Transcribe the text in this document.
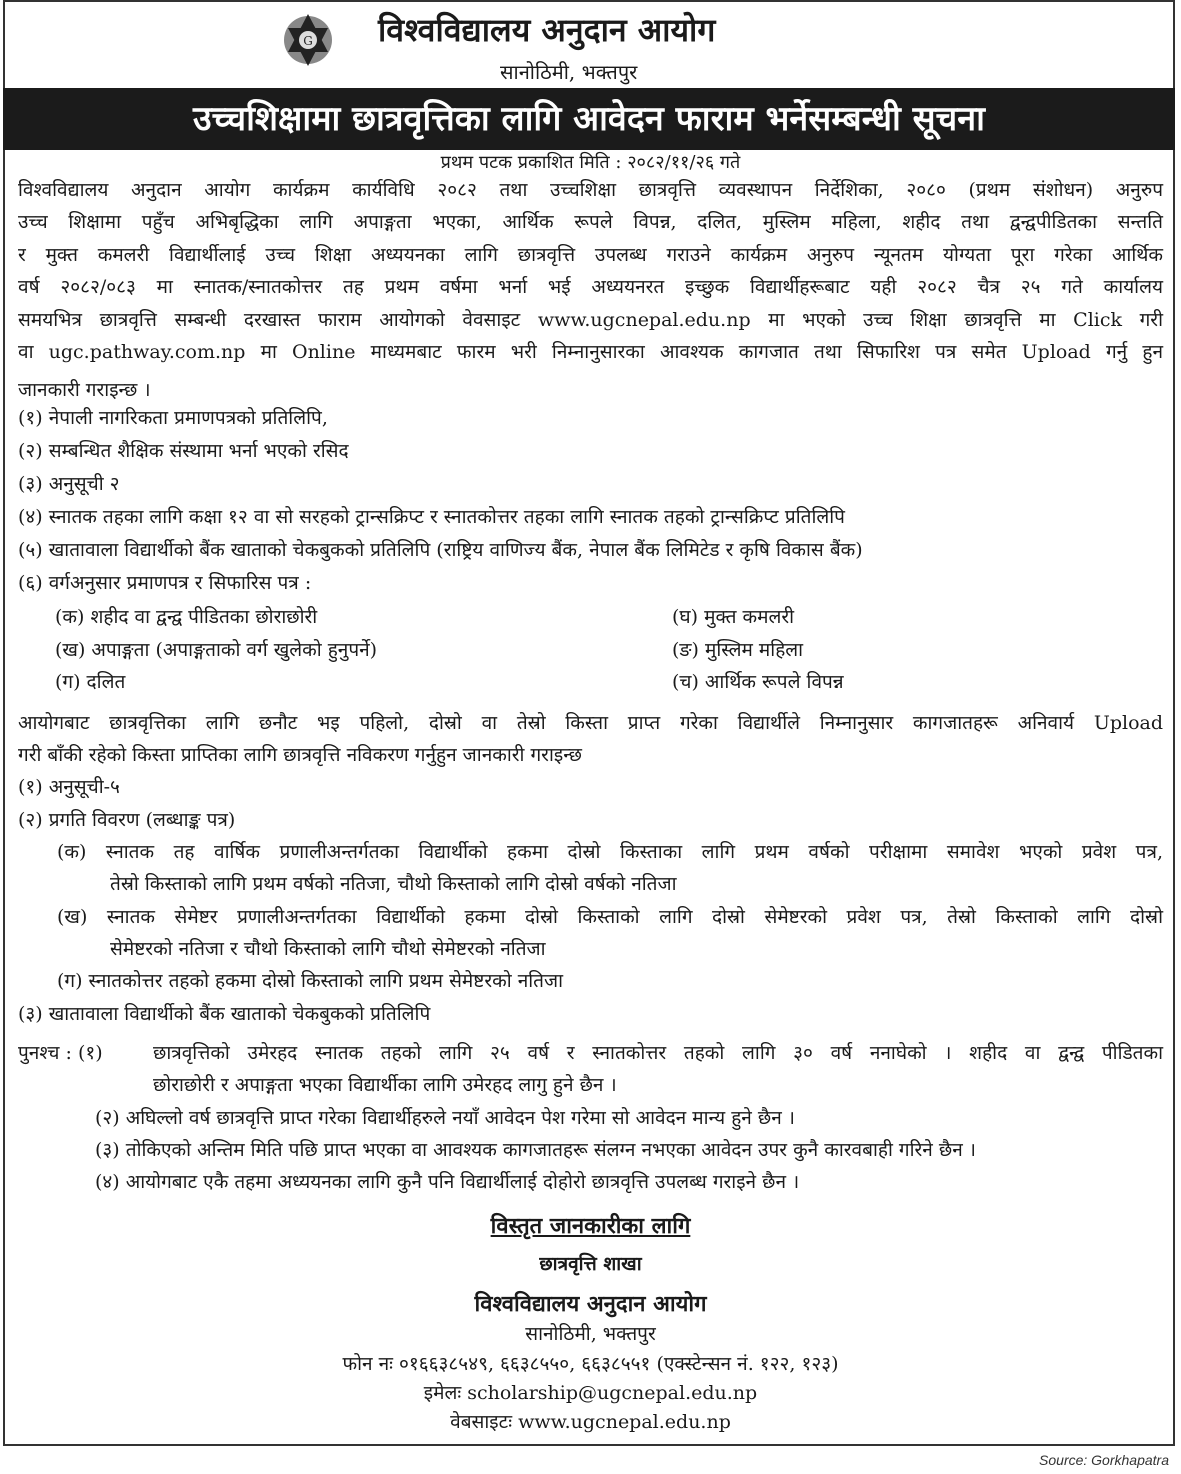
G विश्वविद्यालय अनुदान आयोग
सानोठिमी, भक्तपुर
उच्चशिक्षामा छात्रवृत्तिका लागि आवेदन फाराम भर्नेसम्बन्धी सूचना
प्रथम पटक प्रकाशित मिति : २०८२/११/२६ गते
विश्वविद्यालय अनुदान आयोग कार्यक्रम कार्यविधि २०८२ तथा उच्चशिक्षा छात्रवृत्ति व्यवस्थापन निर्देशिका, २०८० (प्रथम संशोधन) अनुरुप
उच्च शिक्षामा पहुँच अभिबृद्धिका लागि अपाङ्गता भएका, आर्थिक रूपले विपन्न, दलित, मुस्लिम महिला, शहीद तथा द्वन्द्वपीडितका सन्तति
र मुक्त कमलरी विद्यार्थीलाई उच्च शिक्षा अध्ययनका लागि छात्रवृत्ति उपलब्ध गराउने कार्यक्रम अनुरुप न्यूनतम योग्यता पूरा गरेका आर्थिक
वर्ष २०८२/०८३ मा स्नातक/स्नातकोत्तर तह प्रथम वर्षमा भर्ना भई अध्ययनरत इच्छुक विद्यार्थीहरूबाट यही २०८२ चैत्र २५ गते कार्यालय
समयभित्र छात्रवृत्ति सम्बन्धी दरखास्त फाराम आयोगको वेवसाइट www.ugcnepal.edu.np मा भएको उच्च शिक्षा छात्रवृत्ति मा Click गरी
वा ugc.pathway.com.np मा Online माध्यमबाट फारम भरी निम्नानुसारका आवश्यक कागजात तथा सिफारिश पत्र समेत Upload गर्नु हुन
जानकारी गराइन्छ ।
(१) नेपाली नागरिकता प्रमाणपत्रको प्रतिलिपि,
(२) सम्बन्धित शैक्षिक संस्थामा भर्ना भएको रसिद
(३) अनुसूची २
(४) स्नातक तहका लागि कक्षा १२ वा सो सरहको ट्रान्सक्रिप्ट र स्नातकोत्तर तहका लागि स्नातक तहको ट्रान्सक्रिप्ट प्रतिलिपि
(५) खातावाला विद्यार्थीको बैंक खाताको चेकबुकको प्रतिलिपि (राष्ट्रिय वाणिज्य बैंक, नेपाल बैंक लिमिटेड र कृषि विकास बैंक)
(६) वर्गअनुसार प्रमाणपत्र र सिफारिस पत्र :
(क) शहीद वा द्वन्द्व पीडितका छोराछोरी
(ख) अपाङ्गता (अपाङ्गताको वर्ग खुलेको हुनुपर्ने)
(ग) दलित
(घ) मुक्त कमलरी
(ङ) मुस्लिम महिला
(च) आर्थिक रूपले विपन्न
आयोगबाट छात्रवृत्तिका लागि छनौट भइ पहिलो, दोस्रो वा तेस्रो किस्ता प्राप्त गरेका विद्यार्थीले निम्नानुसार कागजातहरू अनिवार्य Upload
गरी बाँकी रहेको किस्ता प्राप्तिका लागि छात्रवृत्ति नविकरण गर्नुहुन जानकारी गराइन्छ
(१) अनुसूची-५
(२) प्रगति विवरण (लब्धाङ्क पत्र)
(क) स्नातक तह वार्षिक प्रणालीअन्तर्गतका विद्यार्थीको हकमा दोस्रो किस्ताका लागि प्रथम वर्षको परीक्षामा समावेश भएको प्रवेश पत्र,
तेस्रो किस्ताको लागि प्रथम वर्षको नतिजा, चौथो किस्ताको लागि दोस्रो वर्षको नतिजा
(ख) स्नातक सेमेष्टर प्रणालीअन्तर्गतका विद्यार्थीको हकमा दोस्रो किस्ताको लागि दोस्रो सेमेष्टरको प्रवेश पत्र, तेस्रो किस्ताको लागि दोस्रो
सेमेष्टरको नतिजा र चौथो किस्ताको लागि चौथो सेमेष्टरको नतिजा
(ग) स्नातकोत्तर तहको हकमा दोस्रो किस्ताको लागि प्रथम सेमेष्टरको नतिजा
(३) खातावाला विद्यार्थीको बैंक खाताको चेकबुकको प्रतिलिपि
पुनश्च : (१)	छात्रवृत्तिको उमेरहद स्नातक तहको लागि २५ वर्ष र स्नातकोत्तर तहको लागि ३० वर्ष ननाघेको । शहीद वा द्वन्द्व पीडितका
छोराछोरी र अपाङ्गता भएका विद्यार्थीका लागि उमेरहद लागु हुने छैन ।
(२) अघिल्लो वर्ष छात्रवृत्ति प्राप्त गरेका विद्यार्थीहरुले नयाँ आवेदन पेश गरेमा सो आवेदन मान्य हुने छैन ।
(३) तोकिएको अन्तिम मिति पछि प्राप्त भएका वा आवश्यक कागजातहरू संलग्न नभएका आवेदन उपर कुनै कारवबाही गरिने छैन ।
(४) आयोगबाट एकै तहमा अध्ययनका लागि कुनै पनि विद्यार्थीलाई दोहोरो छात्रवृत्ति उपलब्ध गराइने छैन ।
विस्तृत जानकारीका लागि
छात्रवृत्ति शाखा
विश्वविद्यालय अनुदान आयोग
सानोठिमी, भक्तपुर
फोन नः ०१६६३८५४९, ६६३८५५०, ६६३८५५१ (एक्स्टेन्सन नं. १२२, १२३)
इमेलः scholarship@ugcnepal.edu.np
वेबसाइटः www.ugcnepal.edu.np
Source: Gorkhapatra
